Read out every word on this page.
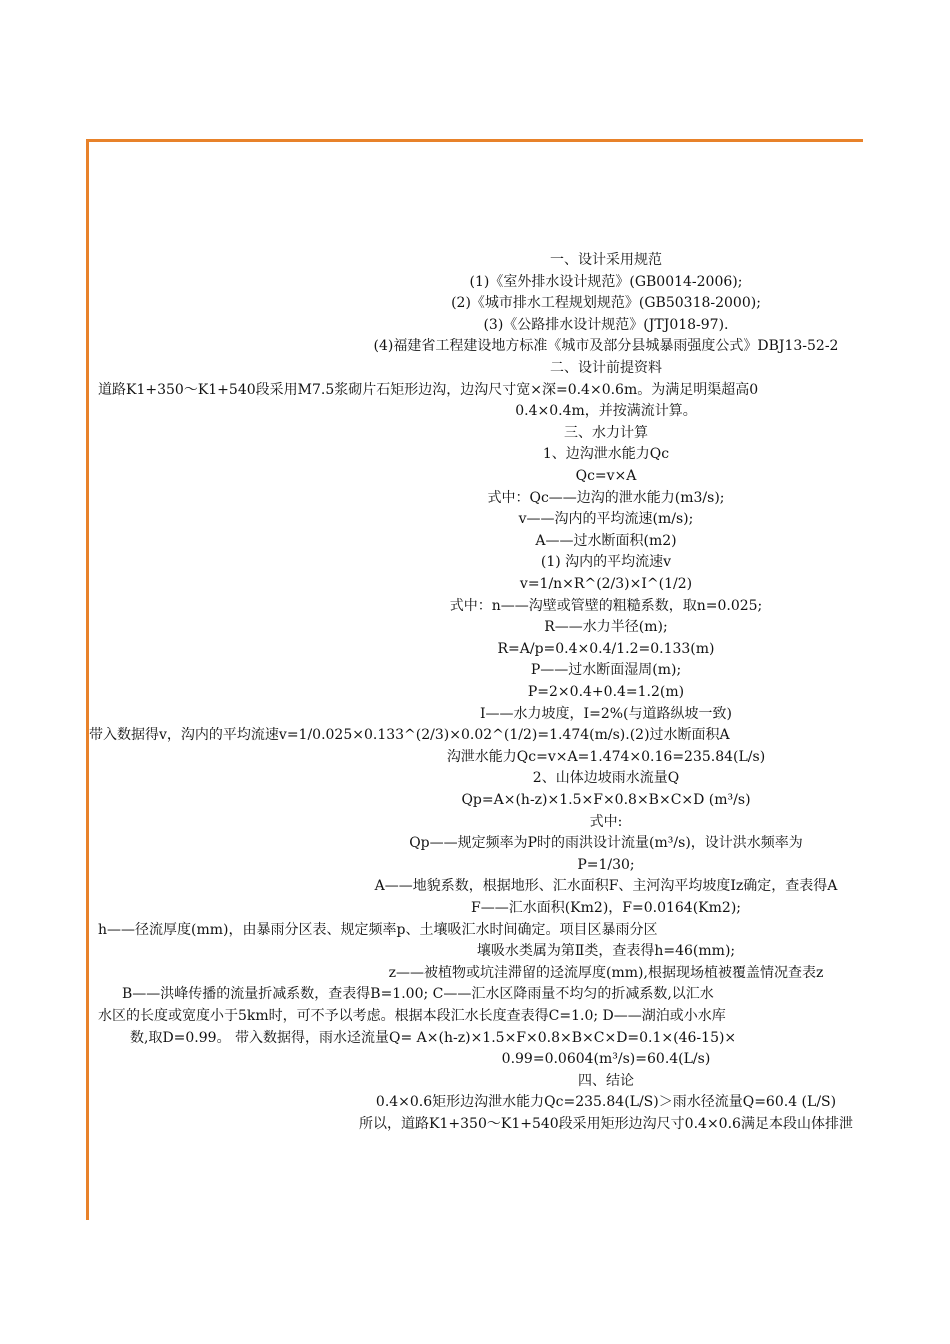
一、设计采用规范
(1)《室外排水设计规范》(GB0014-2006);
(2)《城市排水工程规划规范》(GB50318-2000);
(3)《公路排水设计规范》(JTJ018-97).
(4)福建省工程建设地方标准《城市及部分县城暴雨强度公式》DBJ13-52-2
二、设计前提资料
道路K1+350～K1+540段采用M7.5浆砌片石矩形边沟，边沟尺寸宽×深=0.4×0.6m。为满足明渠超高0
0.4×0.4m，并按满流计算。
三、水力计算
1、边沟泄水能力Qc
Qc=v×A
式中：Qc——边沟的泄水能力(m3/s);
v——沟内的平均流速(m/s);
A——过水断面积(m2)
(1) 沟内的平均流速v
v=1/n×R^(2/3)×I^(1/2)
式中：n——沟壁或管壁的粗糙系数，取n=0.025;
R——水力半径(m);
R=A/p=0.4×0.4/1.2=0.133(m)
P——过水断面湿周(m);
P=2×0.4+0.4=1.2(m)
I——水力坡度，I=2%(与道路纵坡一致)
带入数据得v，沟内的平均流速v=1/0.025×0.133^(2/3)×0.02^(1/2)=1.474(m/s).(2)过水断面积A
沟泄水能力Qc=v×A=1.474×0.16=235.84(L/s)
2、山体边坡雨水流量Q
Qp=A×(h-z)×1.5×F×0.8×B×C×D (m³/s)
式中:
Qp——规定频率为P时的雨洪设计流量(m³/s)，设计洪水频率为
P=1/30;
A——地貌系数，根据地形、汇水面积F、主河沟平均坡度Iz确定，查表得A
F——汇水面积(Km2)，F=0.0164(Km2);
h——径流厚度(mm)，由暴雨分区表、规定频率p、土壤吸汇水时间确定。项目区暴雨分区
壤吸水类属为第Ⅱ类，查表得h=46(mm);
z——被植物或坑洼滞留的迳流厚度(mm),根据现场植被覆盖情况查表z
B——洪峰传播的流量折减系数，查表得B=1.00; C——汇水区降雨量不均匀的折减系数,以汇水
水区的长度或宽度小于5km时，可不予以考虑。根据本段汇水长度查表得C=1.0; D——湖泊或小水库
数,取D=0.99。 带入数据得，雨水迳流量Q= A×(h-z)×1.5×F×0.8×B×C×D=0.1×(46-15)×
0.99=0.0604(m³/s)=60.4(L/s)
四、结论
0.4×0.6矩形边沟泄水能力Qc=235.84(L/S)＞雨水径流量Q=60.4 (L/S)
所以，道路K1+350～K1+540段采用矩形边沟尺寸0.4×0.6满足本段山体排泄
